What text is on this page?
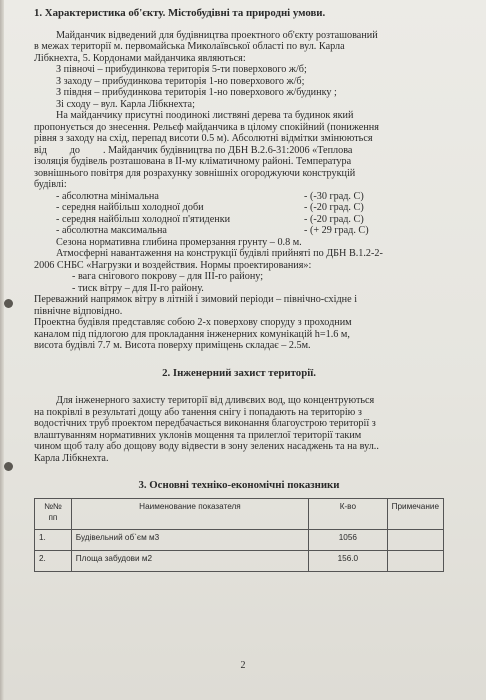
1. Характеристика об'єкту. Містобудівні та природні умови.

Майданчик відведений для будівництва проектного об'єкту розташований

в межах території м. первомайська Миколаївської області по вул. Карла

Лібкнехта, 5. Кордонами майданчика являються:

З півночі – прибудинкова територія 5-ти поверхового ж/б;

З заходу – прибудинкова територія 1-но поверхового ж/б;

З півдня – прибудинкова територія 1-но поверхового ж/будинку ;

Зі сходу – вул. Карла Лібкнехта;

На майданчику присутні поодинокі листвяні дерева та будинок який

пропонується до знесення. Рельєф майданчика в цілому спокійний (пониження

рівня з заходу на схід, перепад висоти 0.5 м). Абсолютні відмітки змінюються

від         до         . Майданчик будівництва по ДБН В.2.6-31:2006 «Теплова

ізоляція будівель розташована в ІІ-му кліматичному районі. Температура

зовнішнього повітря для розрахунку зовнішніх огороджуючи конструкцій

будівлі:

- абсолютна мінімальна	- (-30 град. С)
- середня найбільш холодної доби	- (-20 град. С)
- середня найбільш холодної п'ятиденки	- (-20 град. С)
- абсолютна максимальна	- (+ 29 град. С)

Сезона нормативна глибина промерзання грунту – 0.8 м.

Атмосферні навантаження на конструкції будівлі прийняті по ДБН В.1.2-2-

2006 СНБС «Нагрузки и воздействия. Нормы проектирования»:

- вага снігового покрову – для ІІІ-го району;

- тиск вітру – для ІІ-го району.

Переважний напрямок вітру в літній і зимовий періоди – північно-східне і

північне відповідно.

Проектна будівля представляє собою 2-х поверхову споруду з проходним

каналом під підлогою для прокладання інженерних комунікацій h=1.6 м,

висота будівлі 7.7 м. Висота поверху приміщень складає – 2.5м.

2. Інженерний захист території.

Для інженерного захисту території від дливєвих вод, що концентруються

на покрівлі в результаті дощу або танення снігу і попадають на територію з

водостічних труб проектом передбачається виконання благоустрою території з

влаштуванням нормативних уклонів мощення та прилеглої території таким

чином щоб талу або дощову воду відвести в зону зелених насаджень та на вул..

Карла Лібкнехта.

3. Основні техніко-економічні показники
№№ пп	Наименование показателя	К-во	Примечание
1.	Будівельний об`єм м3	1056	
2.	Площа забудови м2	156.0	
2
